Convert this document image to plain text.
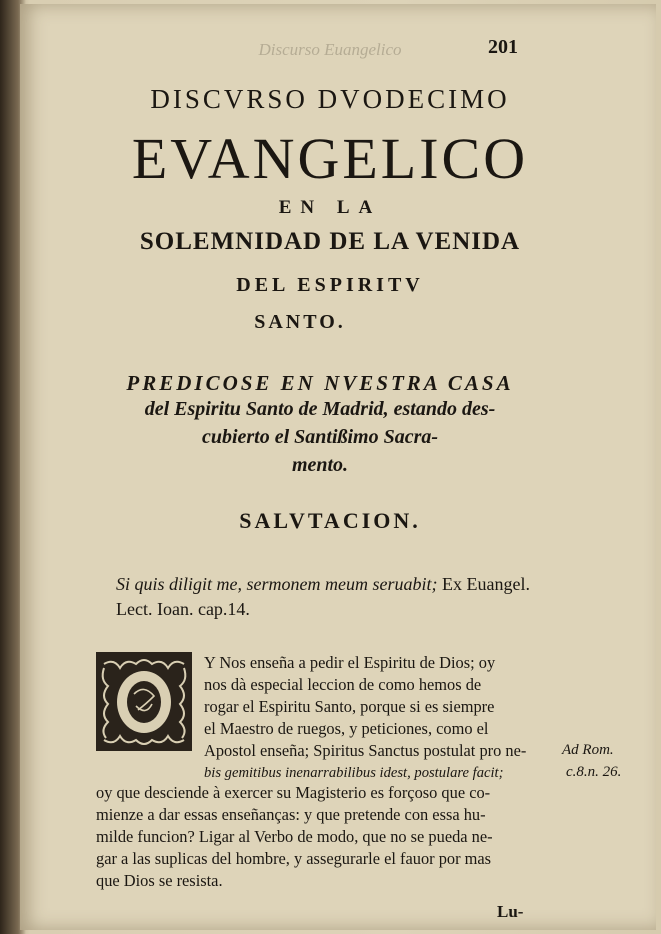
Discurso Euangelico	201
DISCVRSO DVODECIMO
EVANGELICO
EN LA
SOLEMNIDAD DE LA VENIDA
DEL ESPIRITV
SANTO.
PREDICOSE EN NVESTRA CASA
del Espiritu Santo de Madrid, estando des-
cubierto el Santißimo Sacra-
mento.
SALVTACION.
Si quis diligit me, sermonem meum seruabit; Ex Euangel.
Lect. Ioan. cap.14.
Y Nos enseña a pedir el Espiritu de Dios; oy
nos dà especial leccion de como hemos de
rogar el Espiritu Santo, porque si es siempre
el Maestro de ruegos, y peticiones, como el
Apostol enseña; Spiritus Sanctus postulat pro ne-
bis gemitibus inenarrabilibus idest, postulare facit;
oy que desciende à exercer su Magisterio es forçoso que co-
mienze a dar essas enseñanças: y que pretende con essa hu-
milde funcion? Ligar al Verbo de modo, que no se pueda ne-
gar a las suplicas del hombre, y assegurarle el fauor por mas
que Dios se resista.
Ad Rom.
c.8.n. 26.
Lu-
